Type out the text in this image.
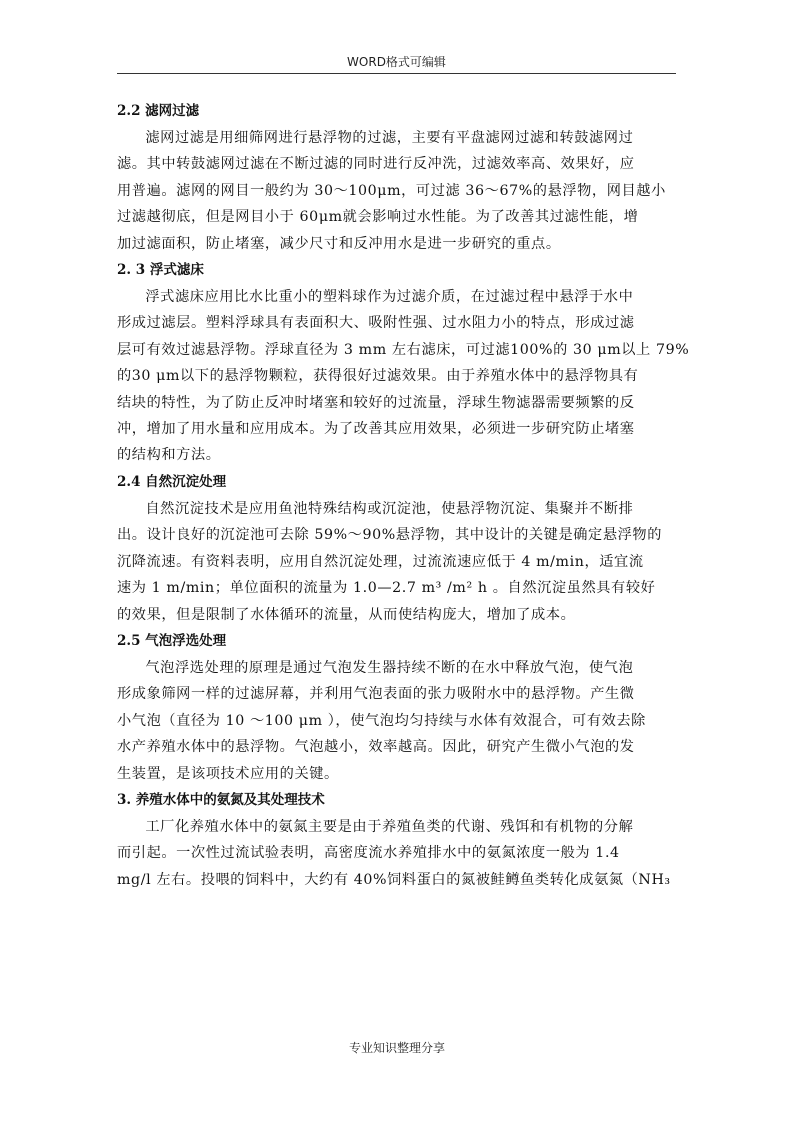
WORD格式可编辑

2.2 滤网过滤

滤网过滤是用细筛网进行悬浮物的过滤，主要有平盘滤网过滤和转鼓滤网过
滤。其中转鼓滤网过滤在不断过滤的同时进行反冲洗，过滤效率高、效果好，应
用普遍。滤网的网目一般约为 30～100μm，可过滤 36～67%的悬浮物，网目越小
过滤越彻底，但是网目小于 60μm就会影响过水性能。为了改善其过滤性能，增
加过滤面积，防止堵塞，减少尺寸和反冲用水是进一步研究的重点。

2. 3 浮式滤床

浮式滤床应用比水比重小的塑料球作为过滤介质，在过滤过程中悬浮于水中
形成过滤层。塑料浮球具有表面积大、吸附性强、过水阻力小的特点，形成过滤
层可有效过滤悬浮物。浮球直径为 3 mm 左右滤床，可过滤100%的 30 μm以上 79%
的30 μm以下的悬浮物颗粒，获得很好过滤效果。由于养殖水体中的悬浮物具有
结块的特性，为了防止反冲时堵塞和较好的过流量，浮球生物滤器需要频繁的反
冲，增加了用水量和应用成本。为了改善其应用效果，必须进一步研究防止堵塞
的结构和方法。

2.4 自然沉淀处理

自然沉淀技术是应用鱼池特殊结构或沉淀池，使悬浮物沉淀、集聚并不断排
出。设计良好的沉淀池可去除 59%～90%悬浮物，其中设计的关键是确定悬浮物的
沉降流速。有资料表明，应用自然沉淀处理，过流流速应低于 4 m/min，适宜流
速为 1 m/min；单位面积的流量为 1.0—2.7 m³ /m² h 。自然沉淀虽然具有较好
的效果，但是限制了水体循环的流量，从而使结构庞大，增加了成本。

2.5 气泡浮选处理

气泡浮选处理的原理是通过气泡发生器持续不断的在水中释放气泡，使气泡
形成象筛网一样的过滤屏幕，并利用气泡表面的张力吸附水中的悬浮物。产生微
小气泡（直径为 10 ～100 μm ），使气泡均匀持续与水体有效混合，可有效去除
水产养殖水体中的悬浮物。气泡越小，效率越高。因此，研究产生微小气泡的发
生装置，是该项技术应用的关键。

3. 养殖水体中的氨氮及其处理技术

工厂化养殖水体中的氨氮主要是由于养殖鱼类的代谢、残饵和有机物的分解
而引起。一次性过流试验表明，高密度流水养殖排水中的氨氮浓度一般为 1.4
mg/l 左右。投喂的饲料中，大约有 40%饲料蛋白的氮被鲑鳟鱼类转化成氨氮（NH₃

专业知识整理分享
